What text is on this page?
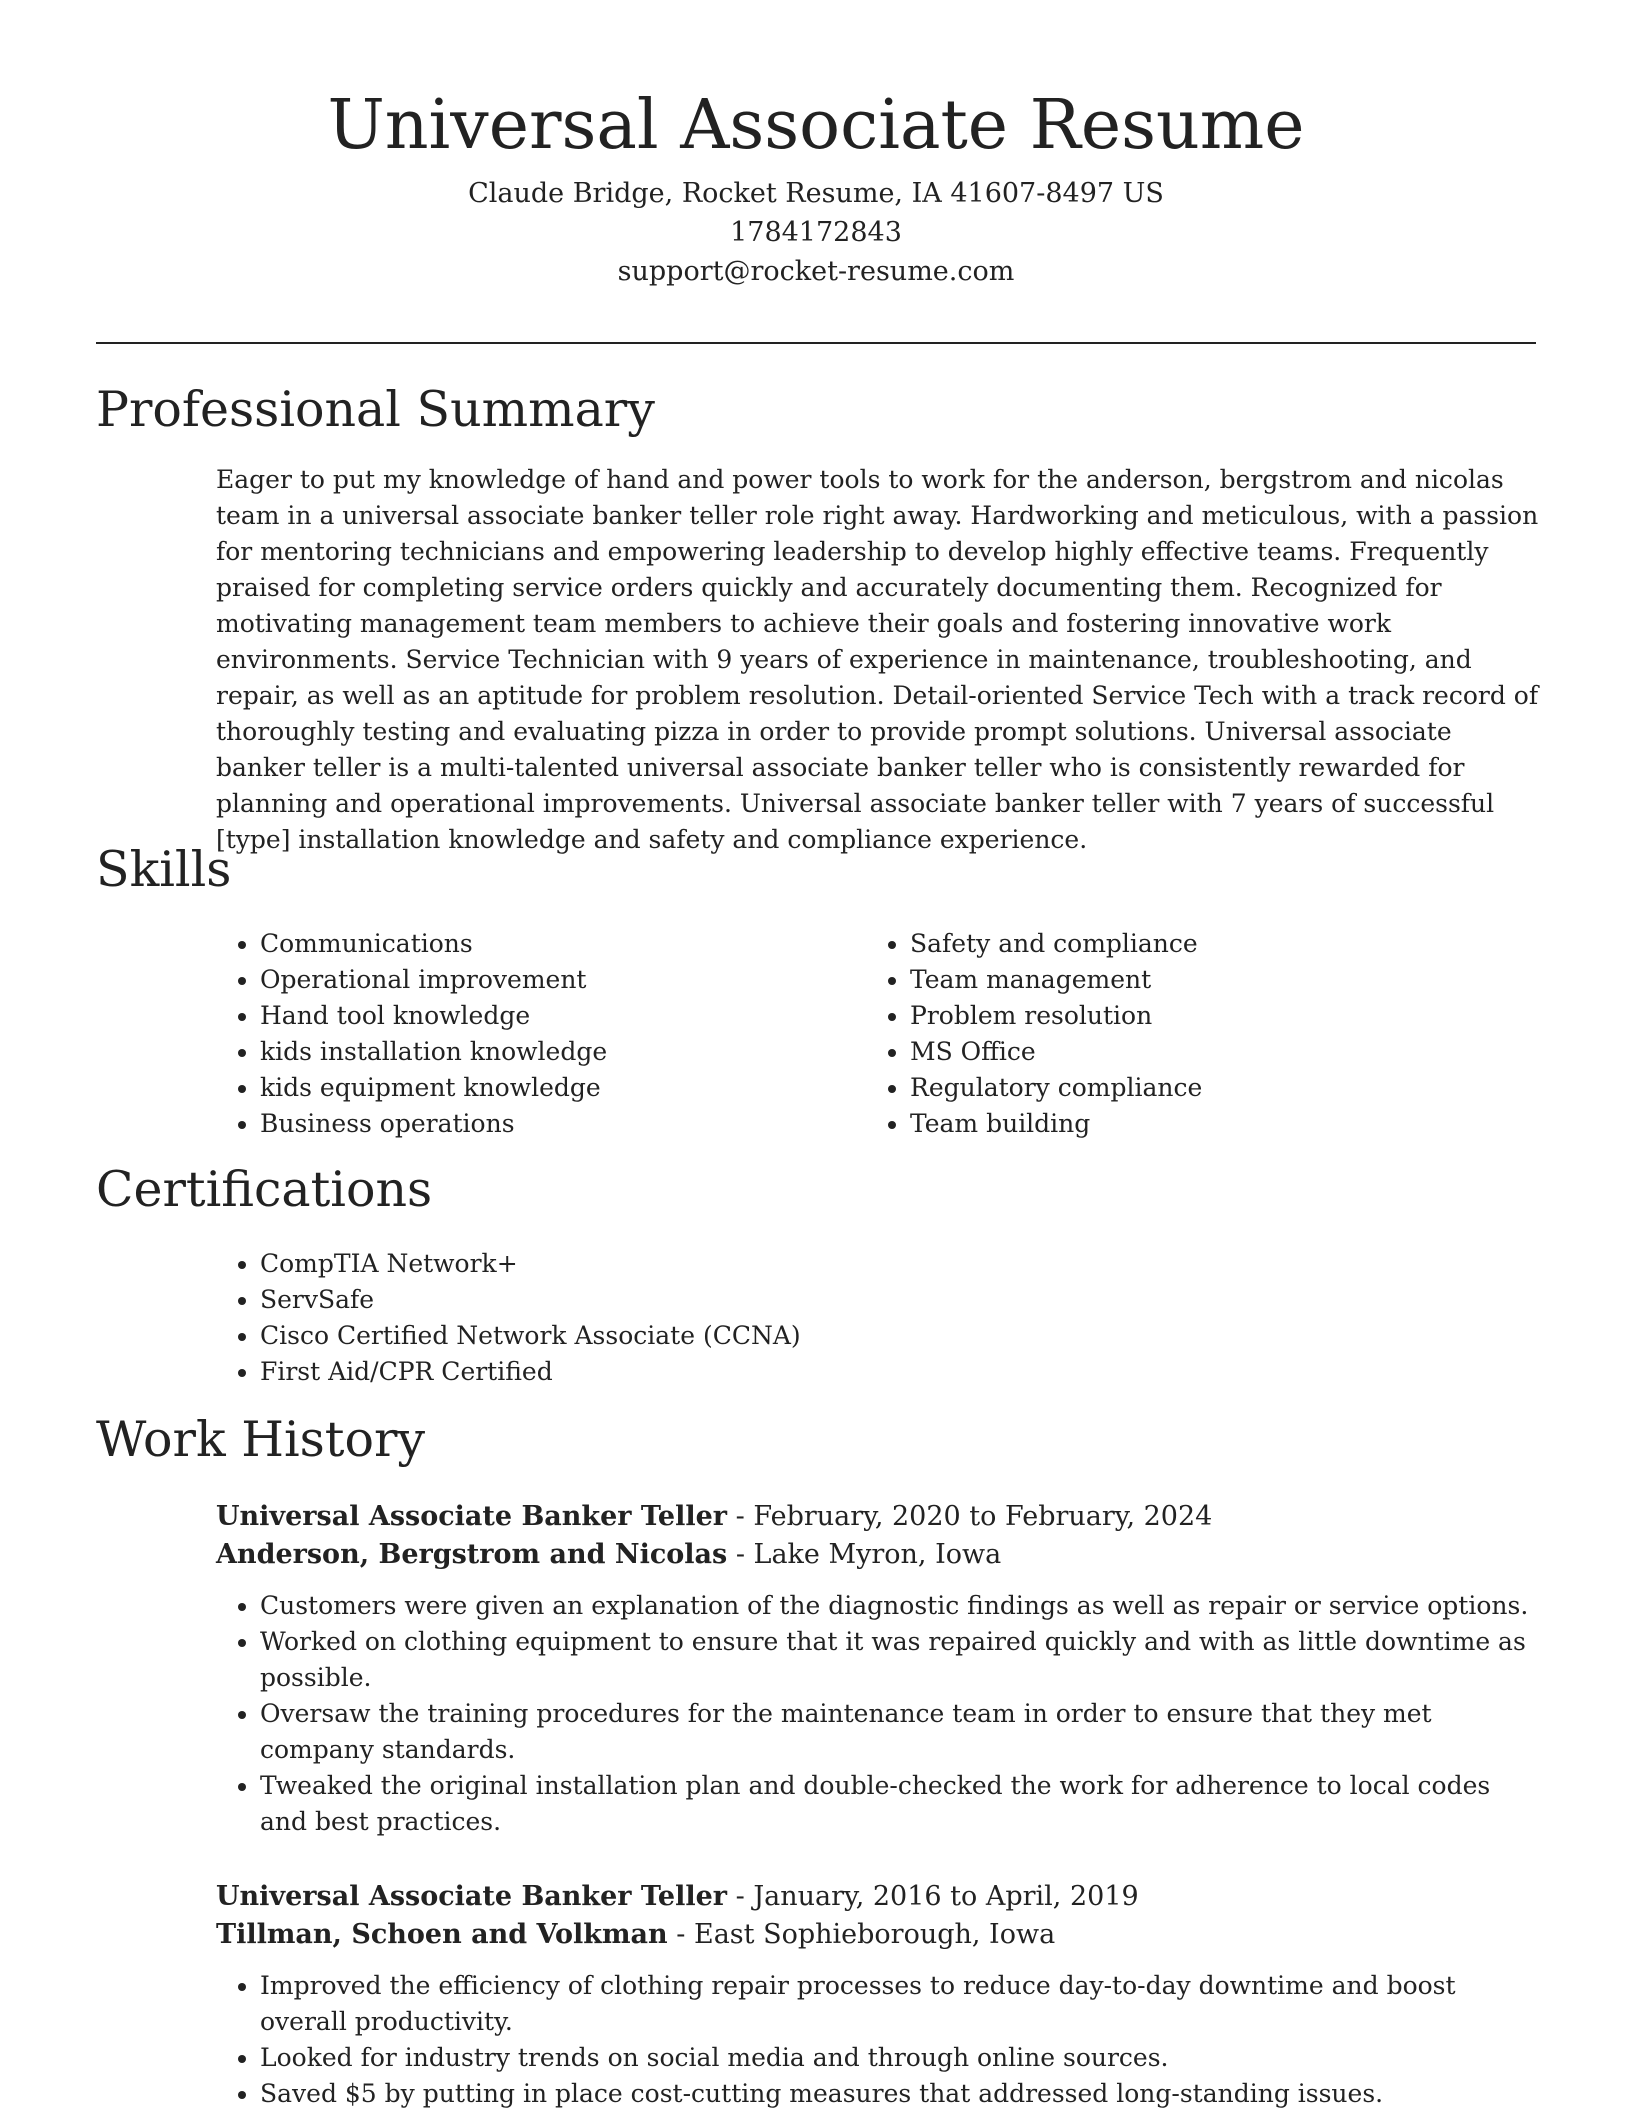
Universal Associate Resume
Claude Bridge, Rocket Resume, IA 41607-8497 US
1784172843
support@rocket-resume.com
Professional Summary

Eager to put my knowledge of hand and power tools to work for the anderson, bergstrom and nicolas team in a universal associate banker teller role right away. Hardworking and meticulous, with a passion for mentoring technicians and empowering leadership to develop highly effective teams. Frequently praised for completing service orders quickly and accurately documenting them. Recognized for motivating management team members to achieve their goals and fostering innovative work environments. Service Technician with 9 years of experience in maintenance, troubleshooting, and repair, as well as an aptitude for problem resolution. Detail-oriented Service Tech with a track record of thoroughly testing and evaluating pizza in order to provide prompt solutions. Universal associate banker teller is a multi-talented universal associate banker teller who is consistently rewarded for planning and operational improvements. Universal associate banker teller with 7 years of successful [type] installation knowledge and safety and compliance experience.

Skills
• Communications
• Operational improvement
• Hand tool knowledge
• kids installation knowledge
• kids equipment knowledge
• Business operations
• Safety and compliance
• Team management
• Problem resolution
• MS Office
• Regulatory compliance
• Team building
Certifications
• CompTIA Network+
• ServSafe
• Cisco Certified Network Associate (CCNA)
• First Aid/CPR Certified
Work History
Universal Associate Banker Teller - February, 2020 to February, 2024
Anderson, Bergstrom and Nicolas - Lake Myron, Iowa
• Customers were given an explanation of the diagnostic findings as well as repair or service options.
• Worked on clothing equipment to ensure that it was repaired quickly and with as little downtime as possible.
• Oversaw the training procedures for the maintenance team in order to ensure that they met company standards.
• Tweaked the original installation plan and double-checked the work for adherence to local codes and best practices.
Universal Associate Banker Teller - January, 2016 to April, 2019
Tillman, Schoen and Volkman - East Sophieborough, Iowa
• Improved the efficiency of clothing repair processes to reduce day-to-day downtime and boost overall productivity.
• Looked for industry trends on social media and through online sources.
• Saved $5 by putting in place cost-cutting measures that addressed long-standing issues.
